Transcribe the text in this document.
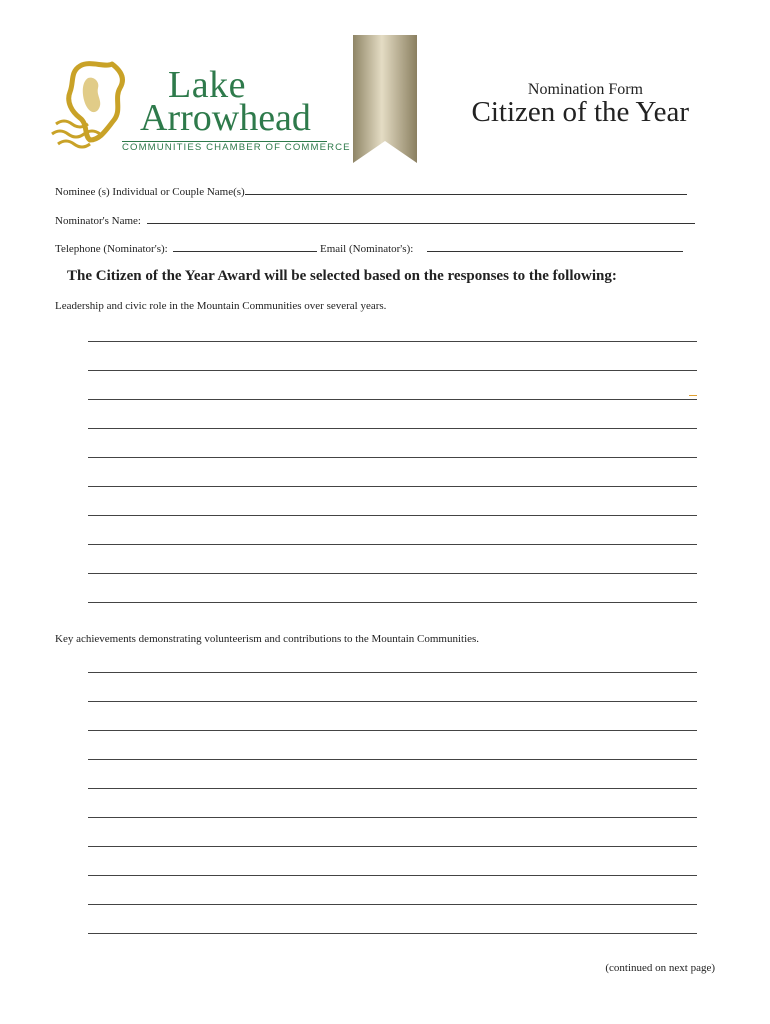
Lake
Arrowhead
COMMUNITIES CHAMBER OF COMMERCE
Nomination Form
Citizen of the Year
Nominee (s) Individual or Couple Name(s)
Nominator's Name:
Telephone (Nominator's):	Email (Nominator's):
The Citizen of the Year Award will be selected based on the responses to the following:
Leadership and civic role in the Mountain Communities over several years.
Key achievements demonstrating volunteerism and contributions to the Mountain Communities.
(continued on next page)
